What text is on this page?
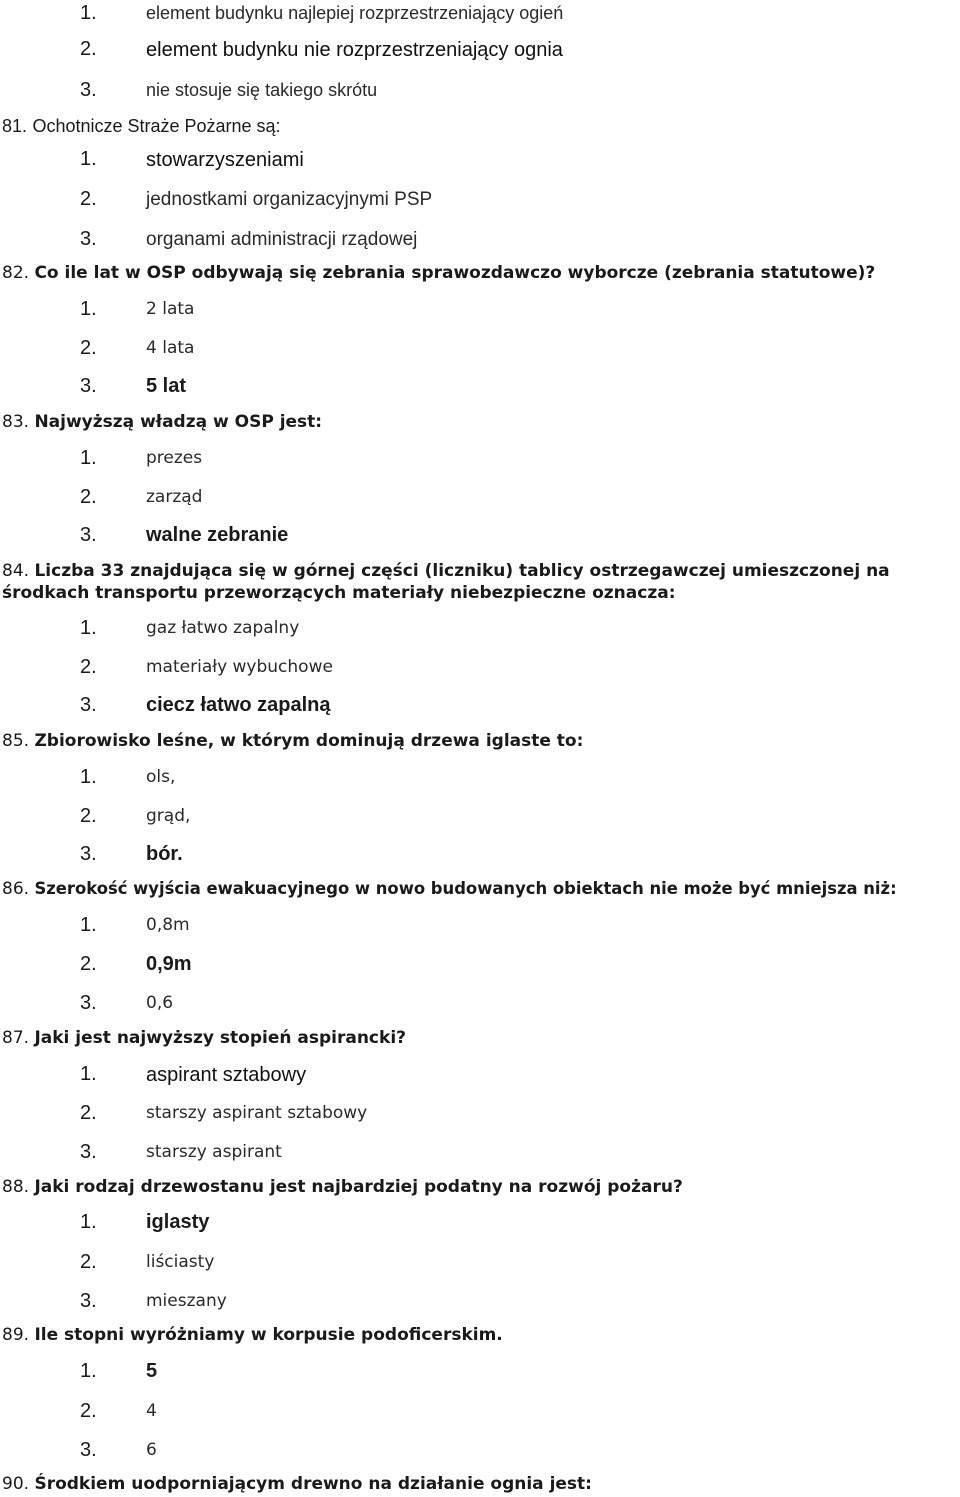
1.	element budynku najlepiej rozprzestrzeniający ogień
2.	element budynku nie rozprzestrzeniający ognia
3.	nie stosuje się takiego skrótu
81. Ochotnicze Straże Pożarne są:
1.	stowarzyszeniami
2.	jednostkami organizacyjnymi PSP
3.	organami administracji rządowej
82. Co ile lat w OSP odbywają się zebrania sprawozdawczo wyborcze (zebrania statutowe)?
1.	2 lata
2.	4 lata
3.	5 lat
83. Najwyższą władzą w OSP jest:
1.	prezes
2.	zarząd
3.	walne zebranie
84. Liczba 33 znajdująca się w górnej części (liczniku) tablicy ostrzegawczej umieszczonej na środkach transportu przeworzących materiały niebezpieczne oznacza:
1.	gaz łatwo zapalny
2.	materiały wybuchowe
3.	ciecz łatwo zapalną
85. Zbiorowisko leśne, w którym dominują drzewa iglaste to:
1.	ols,
2.	grąd,
3.	bór.
86. Szerokość wyjścia ewakuacyjnego w nowo budowanych obiektach nie może być mniejsza niż:
1.	0,8m
2.	0,9m
3.	0,6
87. Jaki jest najwyższy stopień aspirancki?
1.	aspirant sztabowy
2.	starszy aspirant sztabowy
3.	starszy aspirant
88. Jaki rodzaj drzewostanu jest najbardziej podatny na rozwój pożaru?
1.	iglasty
2.	liściasty
3.	mieszany
89. Ile stopni wyróżniamy w korpusie podoficerskim.
1.	5
2.	4
3.	6
90. Środkiem uodporniającym drewno na działanie ognia jest:
